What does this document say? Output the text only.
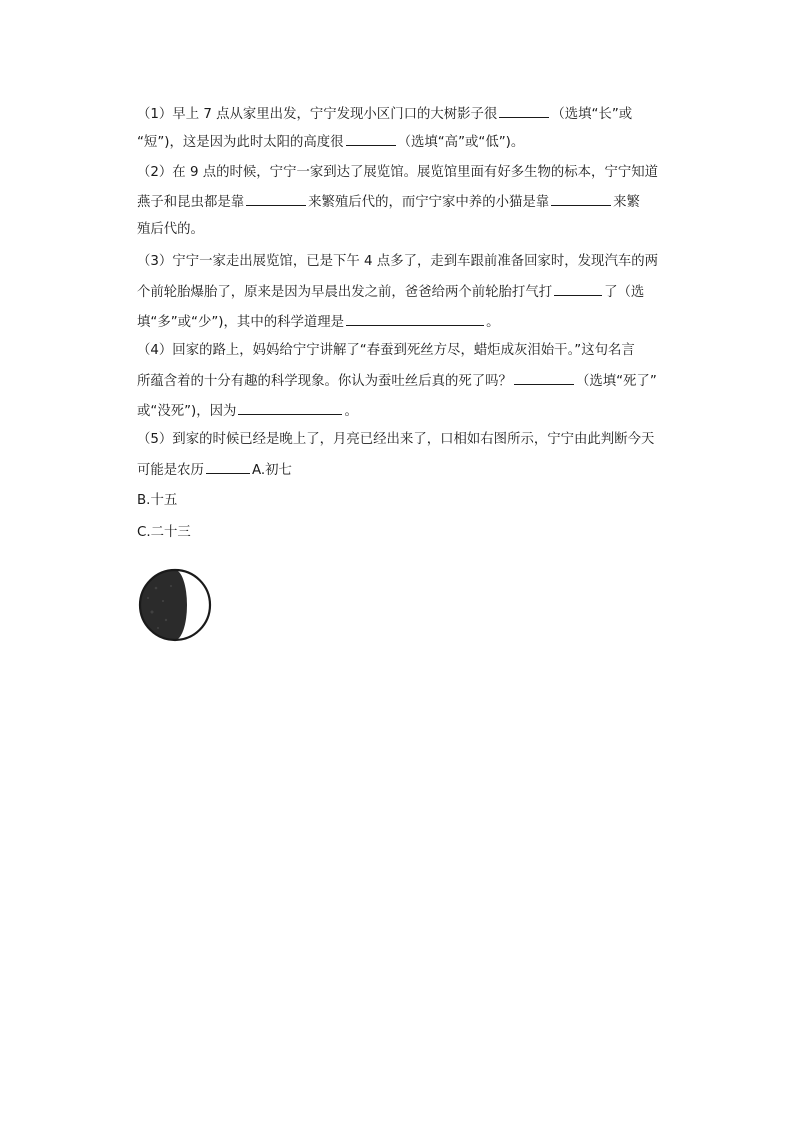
（1）早上 7 点从家里出发，宁宁发现小区门口的大树影子很	（选填“长”或
“短”)，这是因为此时太阳的高度很	（选填“高”或“低”)。
（2）在 9 点的时候，宁宁一家到达了展览馆。展览馆里面有好多生物的标本，宁宁知道
燕子和昆虫都是靠	来繁殖后代的，而宁宁家中养的小猫是靠	来繁
殖后代的。
（3）宁宁一家走出展览馆，已是下午 4 点多了，走到车跟前准备回家时，发现汽车的两
个前轮胎爆胎了，原来是因为早晨出发之前，爸爸给两个前轮胎打气打	了（选
填“多”或“少”)，其中的科学道理是	。
（4）回家的路上，妈妈给宁宁讲解了“春蚕到死丝方尽，蜡炬成灰泪始干。”这句名言
所蕴含着的十分有趣的科学现象。你认为蚕吐丝后真的死了吗？	（选填“死了”
或“没死”)，因为	。
（5）到家的时候已经是晚上了，月亮已经出来了，口相如右图所示，宁宁由此判断今天
可能是农历	A.初七
B.十五
C.二十三
